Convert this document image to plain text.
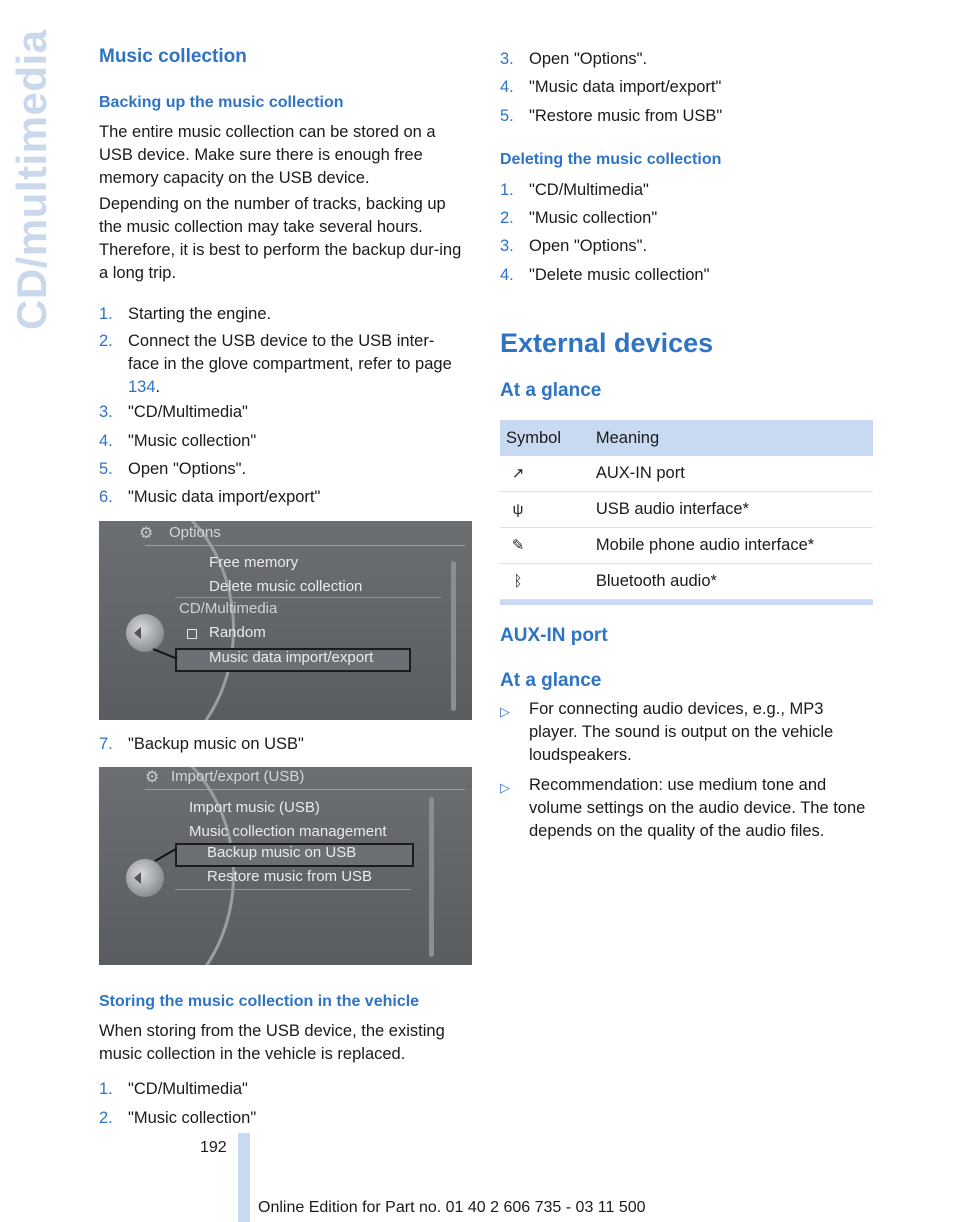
CD/multimedia Music collection
Backing up the music collection

The entire music collection can be stored on a USB device. Make sure there is enough free memory capacity on the USB device.

Depending on the number of tracks, backing up the music collection may take several hours. Therefore, it is best to perform the backup dur-ing a long trip.

1. Starting the engine.
2. Connect the USB device to the USB inter-face in the glove compartment, refer to page 134.
3. "CD/Multimedia"
4. "Music collection"
5. Open "Options".
6. "Music data import/export"
⚙ Options
Free memory
Delete music collection
CD/Multimedia
Random
Music data import/export
7. "Backup music on USB"
⚙ Import/export (USB)
Import music (USB)
Music collection management
Backup music on USB
Restore music from USB
Storing the music collection in the vehicle

When storing from the USB device, the existing music collection in the vehicle is replaced.

1. "CD/Multimedia"
2. "Music collection"
3. Open "Options".
4. "Music data import/export"
5. "Restore music from USB"
Deleting the music collection
1. "CD/Multimedia"
2. "Music collection"
3. Open "Options".
4. "Delete music collection"
External devices
At a glance
Symbol	Meaning
↗	AUX-IN port
ψ	USB audio interface*
✎	Mobile phone audio interface*
ᛒ	Bluetooth audio*

AUX-IN port
At a glance
▷ For connecting audio devices, e.g., MP3 player. The sound is output on the vehicle loudspeakers.
▷ Recommendation: use medium tone and volume settings on the audio device. The tone depends on the quality of the audio files.
192
Online Edition for Part no. 01 40 2 606 735 - 03 11 500
